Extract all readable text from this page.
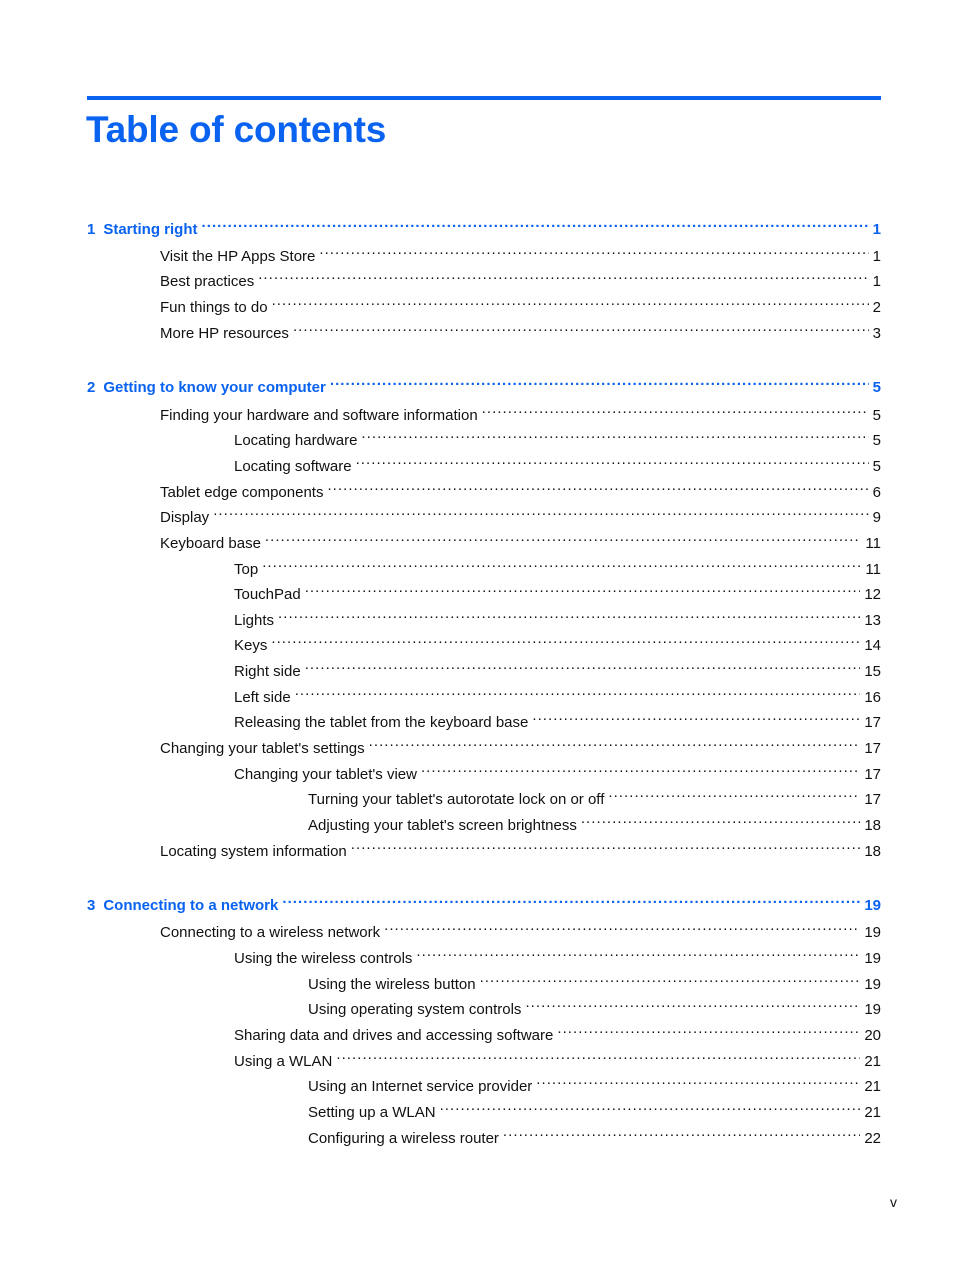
Table of contents
1 Starting right .....	1
Visit the HP Apps Store .....	1
Best practices .....	1
Fun things to do .....	2
More HP resources .....	3
2 Getting to know your computer .....	5
Finding your hardware and software information .....	5
Locating hardware .....	5
Locating software .....	5
Tablet edge components .....	6
Display .....	9
Keyboard base .....	11
Top .....	11
TouchPad .....	12
Lights .....	13
Keys .....	14
Right side .....	15
Left side .....	16
Releasing the tablet from the keyboard base .....	17
Changing your tablet's settings .....	17
Changing your tablet's view .....	17
Turning your tablet's autorotate lock on or off .....	17
Adjusting your tablet's screen brightness .....	18
Locating system information .....	18
3 Connecting to a network .....	19
Connecting to a wireless network .....	19
Using the wireless controls .....	19
Using the wireless button .....	19
Using operating system controls .....	19
Sharing data and drives and accessing software .....	20
Using a WLAN .....	21
Using an Internet service provider .....	21
Setting up a WLAN .....	21
Configuring a wireless router .....	22
v
